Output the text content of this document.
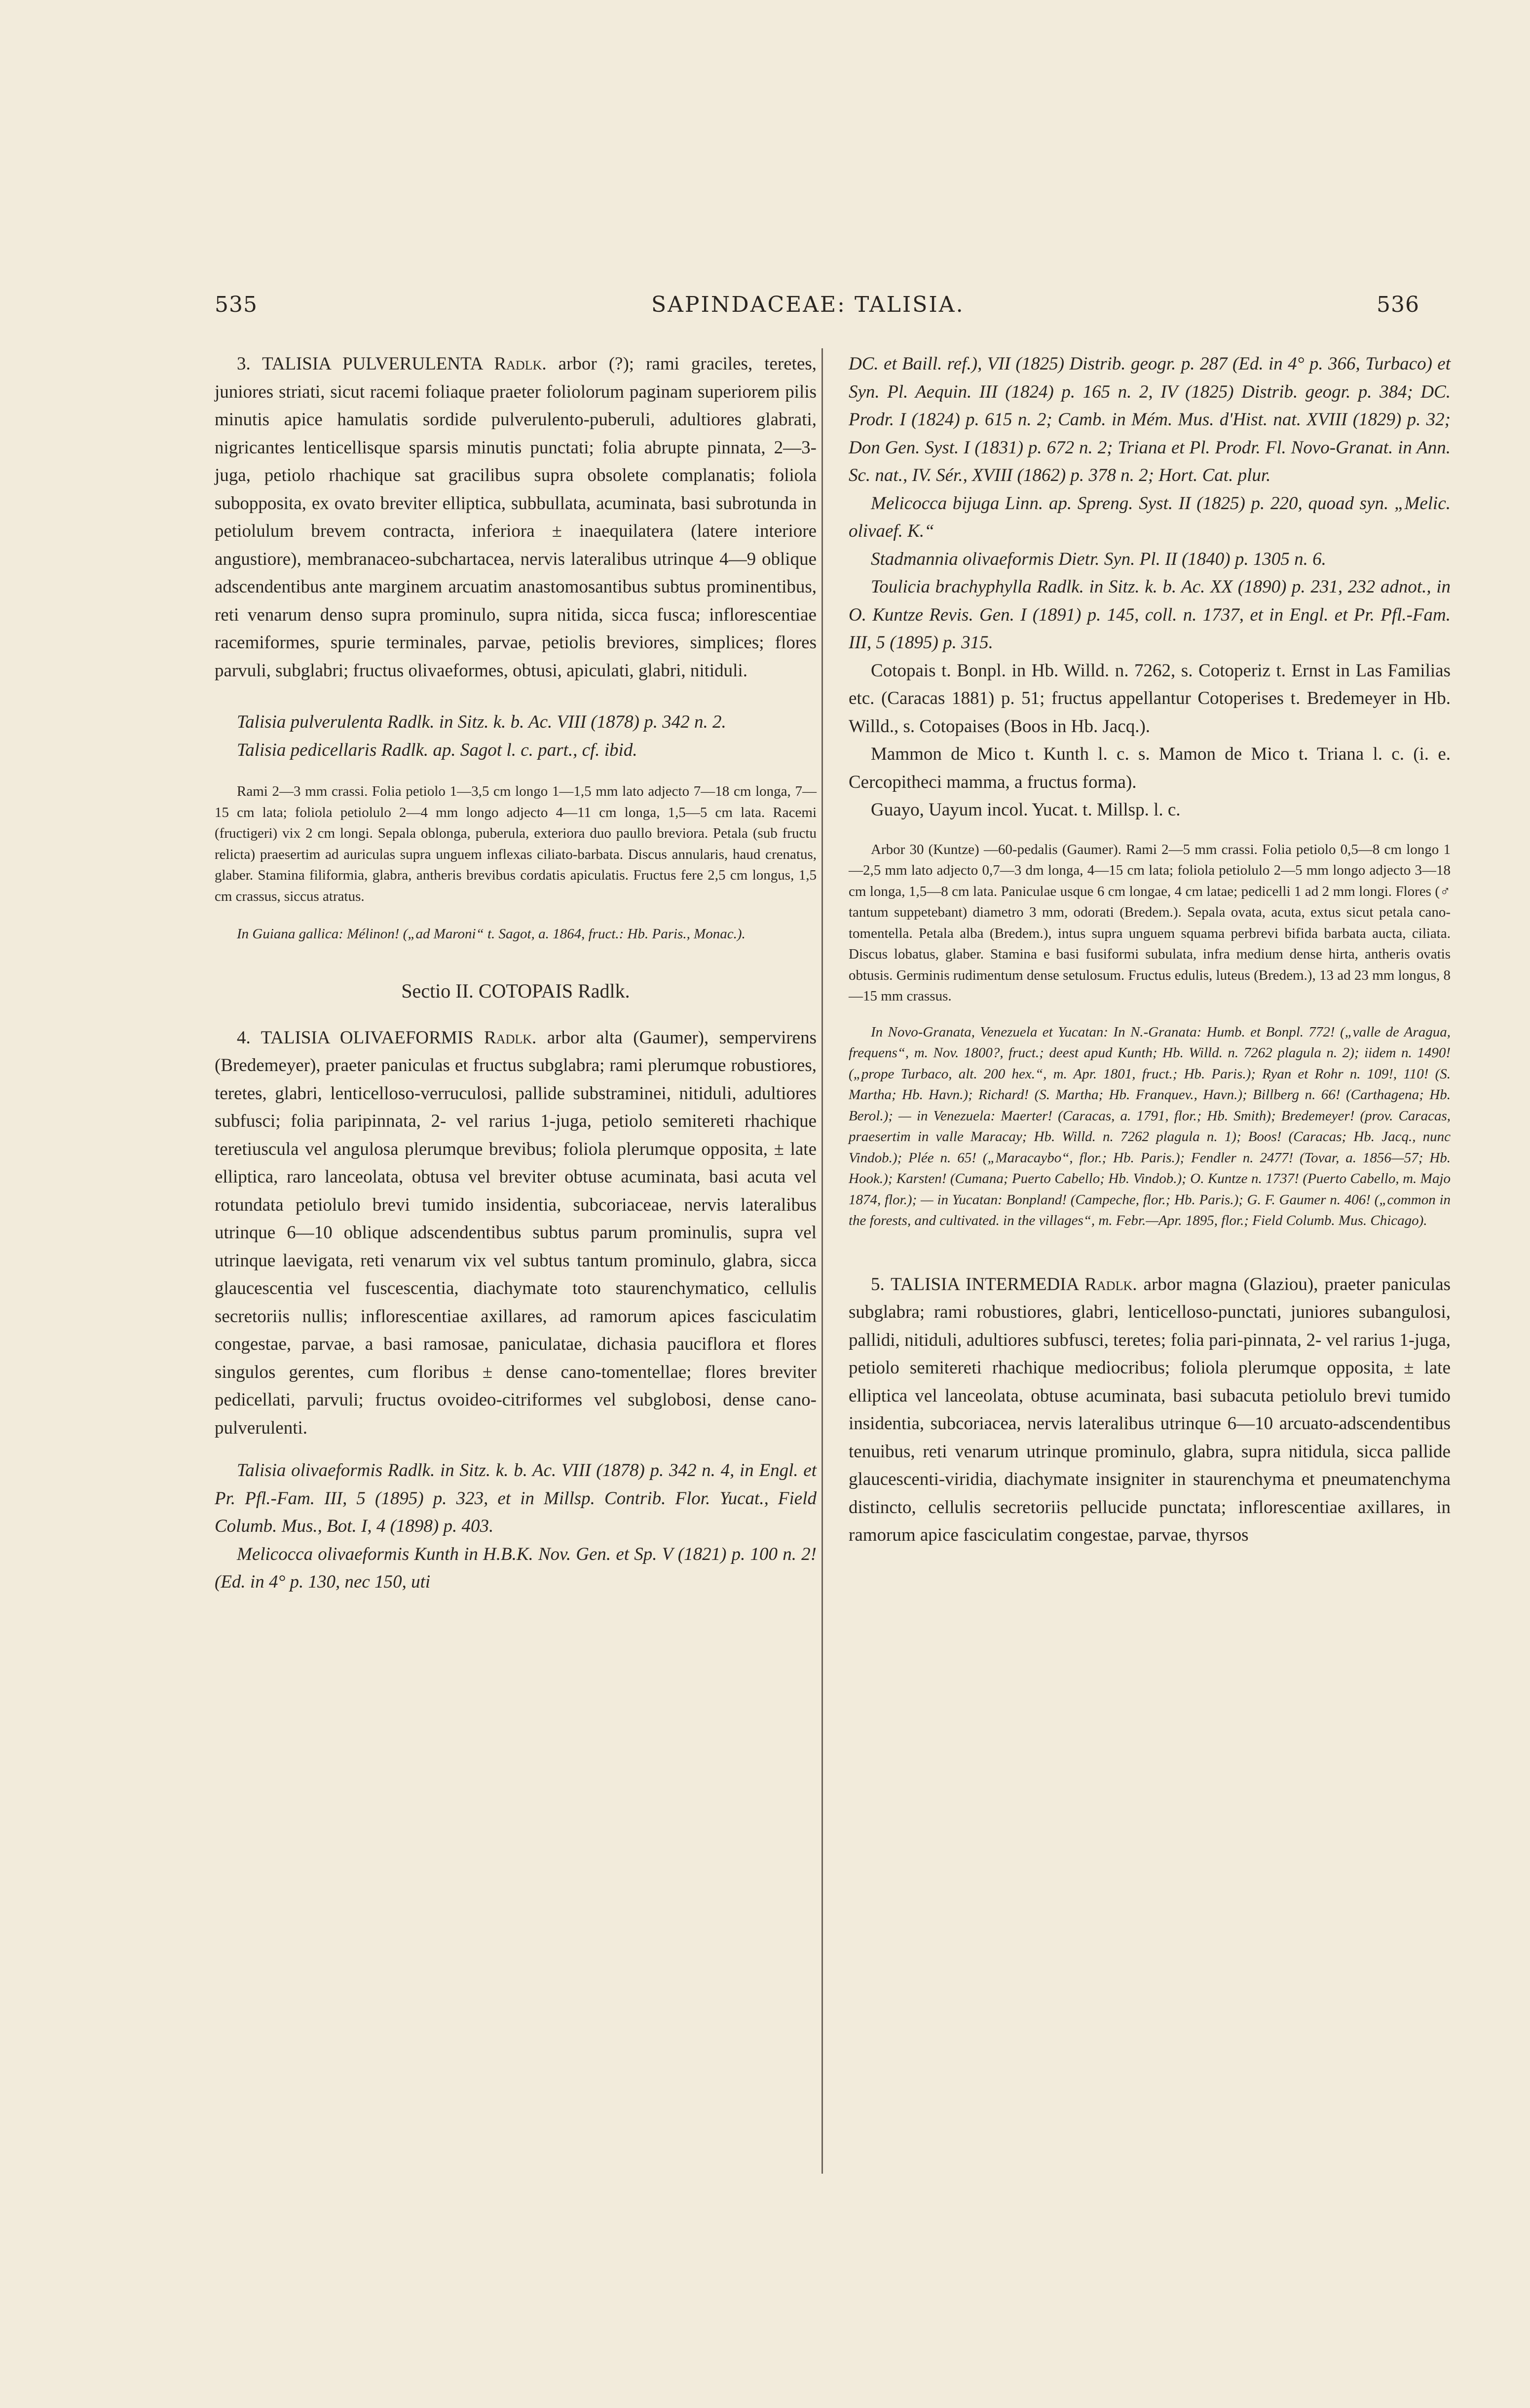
535	SAPINDACEAE: TALISIA.	536

3. TALISIA PULVERULENTA Radlk. arbor (?); rami graciles, teretes, juniores striati, sicut racemi foliaque praeter foliolorum paginam superiorem pilis minutis apice hamulatis sordide pulverulento-puberuli, adultiores glabrati, nigricantes lenticellisque sparsis minutis punctati; folia abrupte pinnata, 2—3-juga, petiolo rhachique sat gracilibus supra obsolete complanatis; foliola subopposita, ex ovato breviter elliptica, subbullata, acuminata, basi subrotunda in petiolulum brevem contracta, inferiora ± inaequilatera (latere interiore angustiore), membranaceo-subchartacea, nervis lateralibus utrinque 4—9 oblique adscendentibus ante marginem arcuatim anastomosantibus subtus prominentibus, reti venarum denso supra prominulo, supra nitida, sicca fusca; inflorescentiae racemiformes, spurie terminales, parvae, petiolis breviores, simplices; flores parvuli, subglabri; fructus olivaeformes, obtusi, apiculati, glabri, nitiduli.

Talisia pulverulenta Radlk. in Sitz. k. b. Ac. VIII (1878) p. 342 n. 2.

Talisia pedicellaris Radlk. ap. Sagot l. c. part., cf. ibid.

Rami 2—3 mm crassi. Folia petiolo 1—3,5 cm longo 1—1,5 mm lato adjecto 7—18 cm longa, 7—15 cm lata; foliola petiolulo 2—4 mm longo adjecto 4—11 cm longa, 1,5—5 cm lata. Racemi (fructigeri) vix 2 cm longi. Sepala oblonga, puberula, exteriora duo paullo breviora. Petala (sub fructu relicta) praesertim ad auriculas supra unguem inflexas ciliato-barbata. Discus annularis, haud crenatus, glaber. Stamina filiformia, glabra, antheris brevibus cordatis apiculatis. Fructus fere 2,5 cm longus, 1,5 cm crassus, siccus atratus.

In Guiana gallica: Mélinon! („ad Maroni“ t. Sagot, a. 1864, fruct.: Hb. Paris., Monac.).

Sectio II. COTOPAIS Radlk.

4. TALISIA OLIVAEFORMIS Radlk. arbor alta (Gaumer), sempervirens (Bredemeyer), praeter paniculas et fructus subglabra; rami plerumque robustiores, teretes, glabri, lenticelloso-verruculosi, pallide substraminei, nitiduli, adultiores subfusci; folia paripinnata, 2- vel rarius 1-juga, petiolo semitereti rhachique teretiuscula vel angulosa plerumque brevibus; foliola plerumque opposita, ± late elliptica, raro lanceolata, obtusa vel breviter obtuse acuminata, basi acuta vel rotundata petiolulo brevi tumido insidentia, subcoriaceae, nervis lateralibus utrinque 6—10 oblique adscendentibus subtus parum prominulis, supra vel utrinque laevigata, reti venarum vix vel subtus tantum prominulo, glabra, sicca glaucescentia vel fuscescentia, diachymate toto staurenchymatico, cellulis secretoriis nullis; inflorescentiae axillares, ad ramorum apices fasciculatim congestae, parvae, a basi ramosae, paniculatae, dichasia pauciflora et flores singulos gerentes, cum floribus ± dense cano-tomentellae; flores breviter pedicellati, parvuli; fructus ovoideo-citriformes vel subglobosi, dense cano-pulverulenti.

Talisia olivaeformis Radlk. in Sitz. k. b. Ac. VIII (1878) p. 342 n. 4, in Engl. et Pr. Pfl.-Fam. III, 5 (1895) p. 323, et in Millsp. Contrib. Flor. Yucat., Field Columb. Mus., Bot. I, 4 (1898) p. 403.

Melicocca olivaeformis Kunth in H.B.K. Nov. Gen. et Sp. V (1821) p. 100 n. 2! (Ed. in 4° p. 130, nec 150, uti

DC. et Baill. ref.), VII (1825) Distrib. geogr. p. 287 (Ed. in 4° p. 366, Turbaco) et Syn. Pl. Aequin. III (1824) p. 165 n. 2, IV (1825) Distrib. geogr. p. 384; DC. Prodr. I (1824) p. 615 n. 2; Camb. in Mém. Mus. d'Hist. nat. XVIII (1829) p. 32; Don Gen. Syst. I (1831) p. 672 n. 2; Triana et Pl. Prodr. Fl. Novo-Granat. in Ann. Sc. nat., IV. Sér., XVIII (1862) p. 378 n. 2; Hort. Cat. plur.

Melicocca bijuga Linn. ap. Spreng. Syst. II (1825) p. 220, quoad syn. „Melic. olivaef. K.“

Stadmannia olivaeformis Dietr. Syn. Pl. II (1840) p. 1305 n. 6.

Toulicia brachyphylla Radlk. in Sitz. k. b. Ac. XX (1890) p. 231, 232 adnot., in O. Kuntze Revis. Gen. I (1891) p. 145, coll. n. 1737, et in Engl. et Pr. Pfl.-Fam. III, 5 (1895) p. 315.

Cotopais t. Bonpl. in Hb. Willd. n. 7262, s. Cotoperiz t. Ernst in Las Familias etc. (Caracas 1881) p. 51; fructus appellantur Cotoperises t. Bredemeyer in Hb. Willd., s. Cotopaises (Boos in Hb. Jacq.).

Mammon de Mico t. Kunth l. c. s. Mamon de Mico t. Triana l. c. (i. e. Cercopitheci mamma, a fructus forma).

Guayo, Uayum incol. Yucat. t. Millsp. l. c.

Arbor 30 (Kuntze) —60-pedalis (Gaumer). Rami 2—5 mm crassi. Folia petiolo 0,5—8 cm longo 1—2,5 mm lato adjecto 0,7—3 dm longa, 4—15 cm lata; foliola petiolulo 2—5 mm longo adjecto 3—18 cm longa, 1,5—8 cm lata. Paniculae usque 6 cm longae, 4 cm latae; pedicelli 1 ad 2 mm longi. Flores (♂ tantum suppetebant) diametro 3 mm, odorati (Bredem.). Sepala ovata, acuta, extus sicut petala cano-tomentella. Petala alba (Bredem.), intus supra unguem squama perbrevi bifida barbata aucta, ciliata. Discus lobatus, glaber. Stamina e basi fusiformi subulata, infra medium dense hirta, antheris ovatis obtusis. Germinis rudimentum dense setulosum. Fructus edulis, luteus (Bredem.), 13 ad 23 mm longus, 8—15 mm crassus.

In Novo-Granata, Venezuela et Yucatan: In N.-Granata: Humb. et Bonpl. 772! („valle de Aragua, frequens“, m. Nov. 1800?, fruct.; deest apud Kunth; Hb. Willd. n. 7262 plagula n. 2); iidem n. 1490! („prope Turbaco, alt. 200 hex.“, m. Apr. 1801, fruct.; Hb. Paris.); Ryan et Rohr n. 109!, 110! (S. Martha; Hb. Havn.); Richard! (S. Martha; Hb. Franquev., Havn.); Billberg n. 66! (Carthagena; Hb. Berol.); — in Venezuela: Maerter! (Caracas, a. 1791, flor.; Hb. Smith); Bredemeyer! (prov. Caracas, praesertim in valle Maracay; Hb. Willd. n. 7262 plagula n. 1); Boos! (Caracas; Hb. Jacq., nunc Vindob.); Plée n. 65! („Maracaybo“, flor.; Hb. Paris.); Fendler n. 2477! (Tovar, a. 1856—57; Hb. Hook.); Karsten! (Cumana; Puerto Cabello; Hb. Vindob.); O. Kuntze n. 1737! (Puerto Cabello, m. Majo 1874, flor.); — in Yucatan: Bonpland! (Campeche, flor.; Hb. Paris.); G. F. Gaumer n. 406! („common in the forests, and cultivated. in the villages“, m. Febr.—Apr. 1895, flor.; Field Columb. Mus. Chicago).

5. TALISIA INTERMEDIA Radlk. arbor magna (Glaziou), praeter paniculas subglabra; rami robustiores, glabri, lenticelloso-punctati, juniores subangulosi, pallidi, nitiduli, adultiores subfusci, teretes; folia pari-pinnata, 2- vel rarius 1-juga, petiolo semitereti rhachique mediocribus; foliola plerumque opposita, ± late elliptica vel lanceolata, obtuse acuminata, basi subacuta petiolulo brevi tumido insidentia, subcoriacea, nervis lateralibus utrinque 6—10 arcuato-adscendentibus tenuibus, reti venarum utrinque prominulo, glabra, supra nitidula, sicca pallide glaucescenti-viridia, diachymate insigniter in staurenchyma et pneumatenchyma distincto, cellulis secretoriis pellucide punctata; inflorescentiae axillares, in ramorum apice fasciculatim congestae, parvae, thyrsos
